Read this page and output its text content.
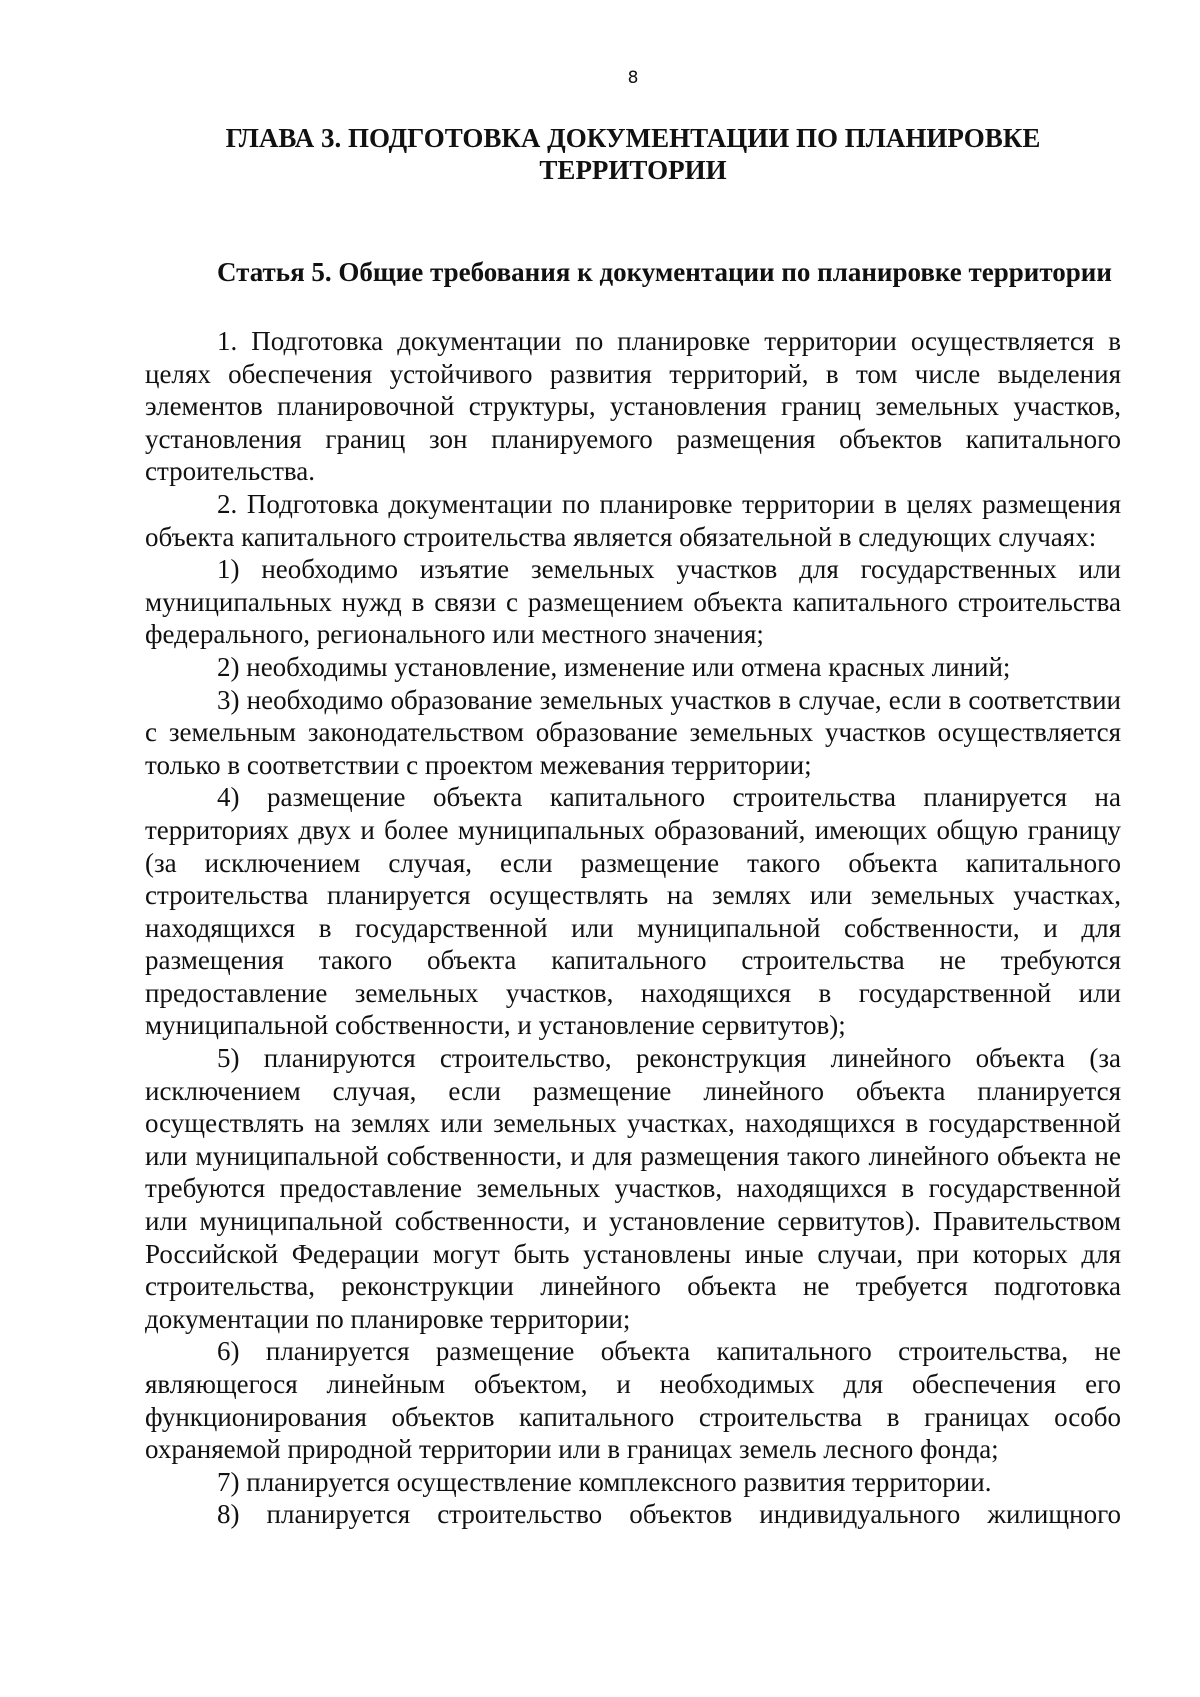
8
ГЛАВА 3. ПОДГОТОВКА ДОКУМЕНТАЦИИ ПО ПЛАНИРОВКЕ
ТЕРРИТОРИИ
Статья 5. Общие требования к документации по планировке территории

1. Подготовка документации по планировке территории осуществляется в целях обеспечения устойчивого развития территорий, в том числе выделения элементов планировочной структуры, установления границ земельных участков, установления границ зон планируемого размещения объектов капитального строительства.

2. Подготовка документации по планировке территории в целях размещения объекта капитального строительства является обязательной в следующих случаях:

1) необходимо изъятие земельных участков для государственных или муниципальных нужд в связи с размещением объекта капитального строительства федерального, регионального или местного значения;

2) необходимы установление, изменение или отмена красных линий;

3) необходимо образование земельных участков в случае, если в соответствии с земельным законодательством образование земельных участков осуществляется только в соответствии с проектом межевания территории;

4) размещение объекта капитального строительства планируется на территориях двух и более муниципальных образований, имеющих общую границу (за исключением случая, если размещение такого объекта капитального строительства планируется осуществлять на землях или земельных участках, находящихся в государственной или муниципальной собственности, и для размещения такого объекта капитального строительства не требуются предоставление земельных участков, находящихся в государственной или муниципальной собственности, и установление сервитутов);

5) планируются строительство, реконструкция линейного объекта (за исключением случая, если размещение линейного объекта планируется осуществлять на землях или земельных участках, находящихся в государственной или муниципальной собственности, и для размещения такого линейного объекта не требуются предоставление земельных участков, находящихся в государственной или муниципальной собственности, и установление сервитутов). Правительством Российской Федерации могут быть установлены иные случаи, при которых для строительства, реконструкции линейного объекта не требуется подготовка документации по планировке территории;

6) планируется размещение объекта капитального строительства, не являющегося линейным объектом, и необходимых для обеспечения его функционирования объектов капитального строительства в границах особо охраняемой природной территории или в границах земель лесного фонда;

7) планируется осуществление комплексного развития территории.

8) планируется строительство объектов индивидуального жилищного
